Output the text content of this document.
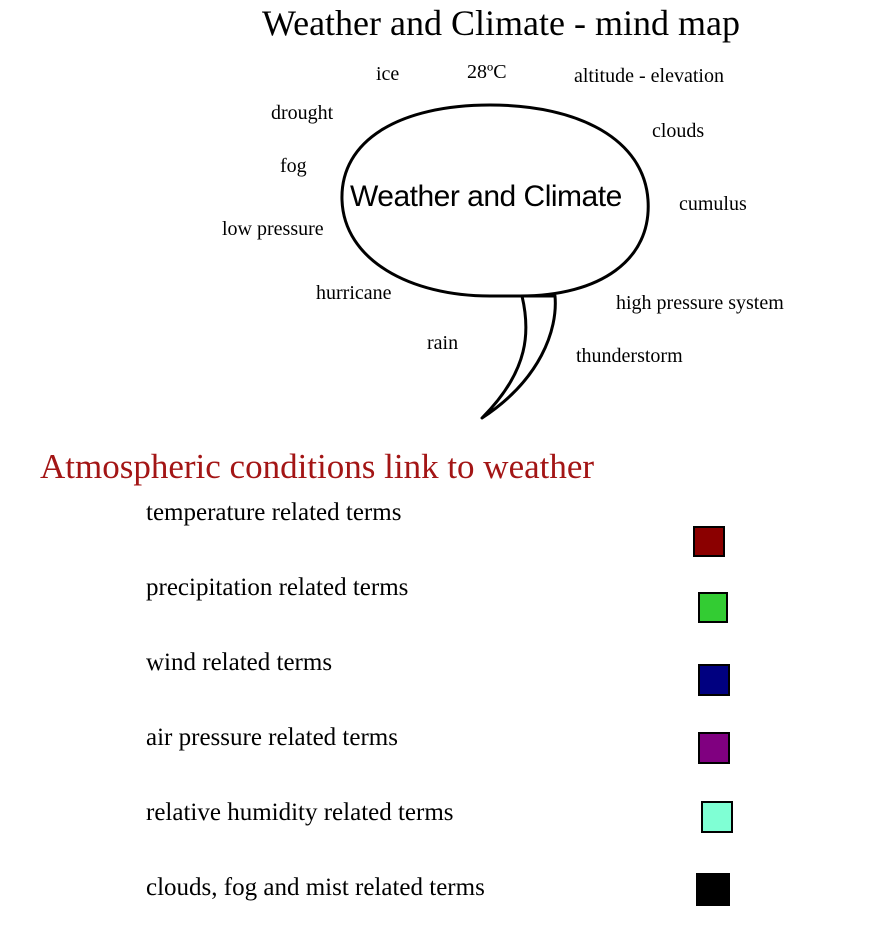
Weather and Climate - mind map
Weather and Climate
ice	28ºC	altitude - elevation
drought
clouds
fog
cumulus
low pressure
hurricane	high pressure system
rain
thunderstorm
Atmospheric conditions link to weather
temperature related terms
precipitation related terms
wind related terms
air pressure related terms
relative humidity related terms
clouds, fog and mist related terms
